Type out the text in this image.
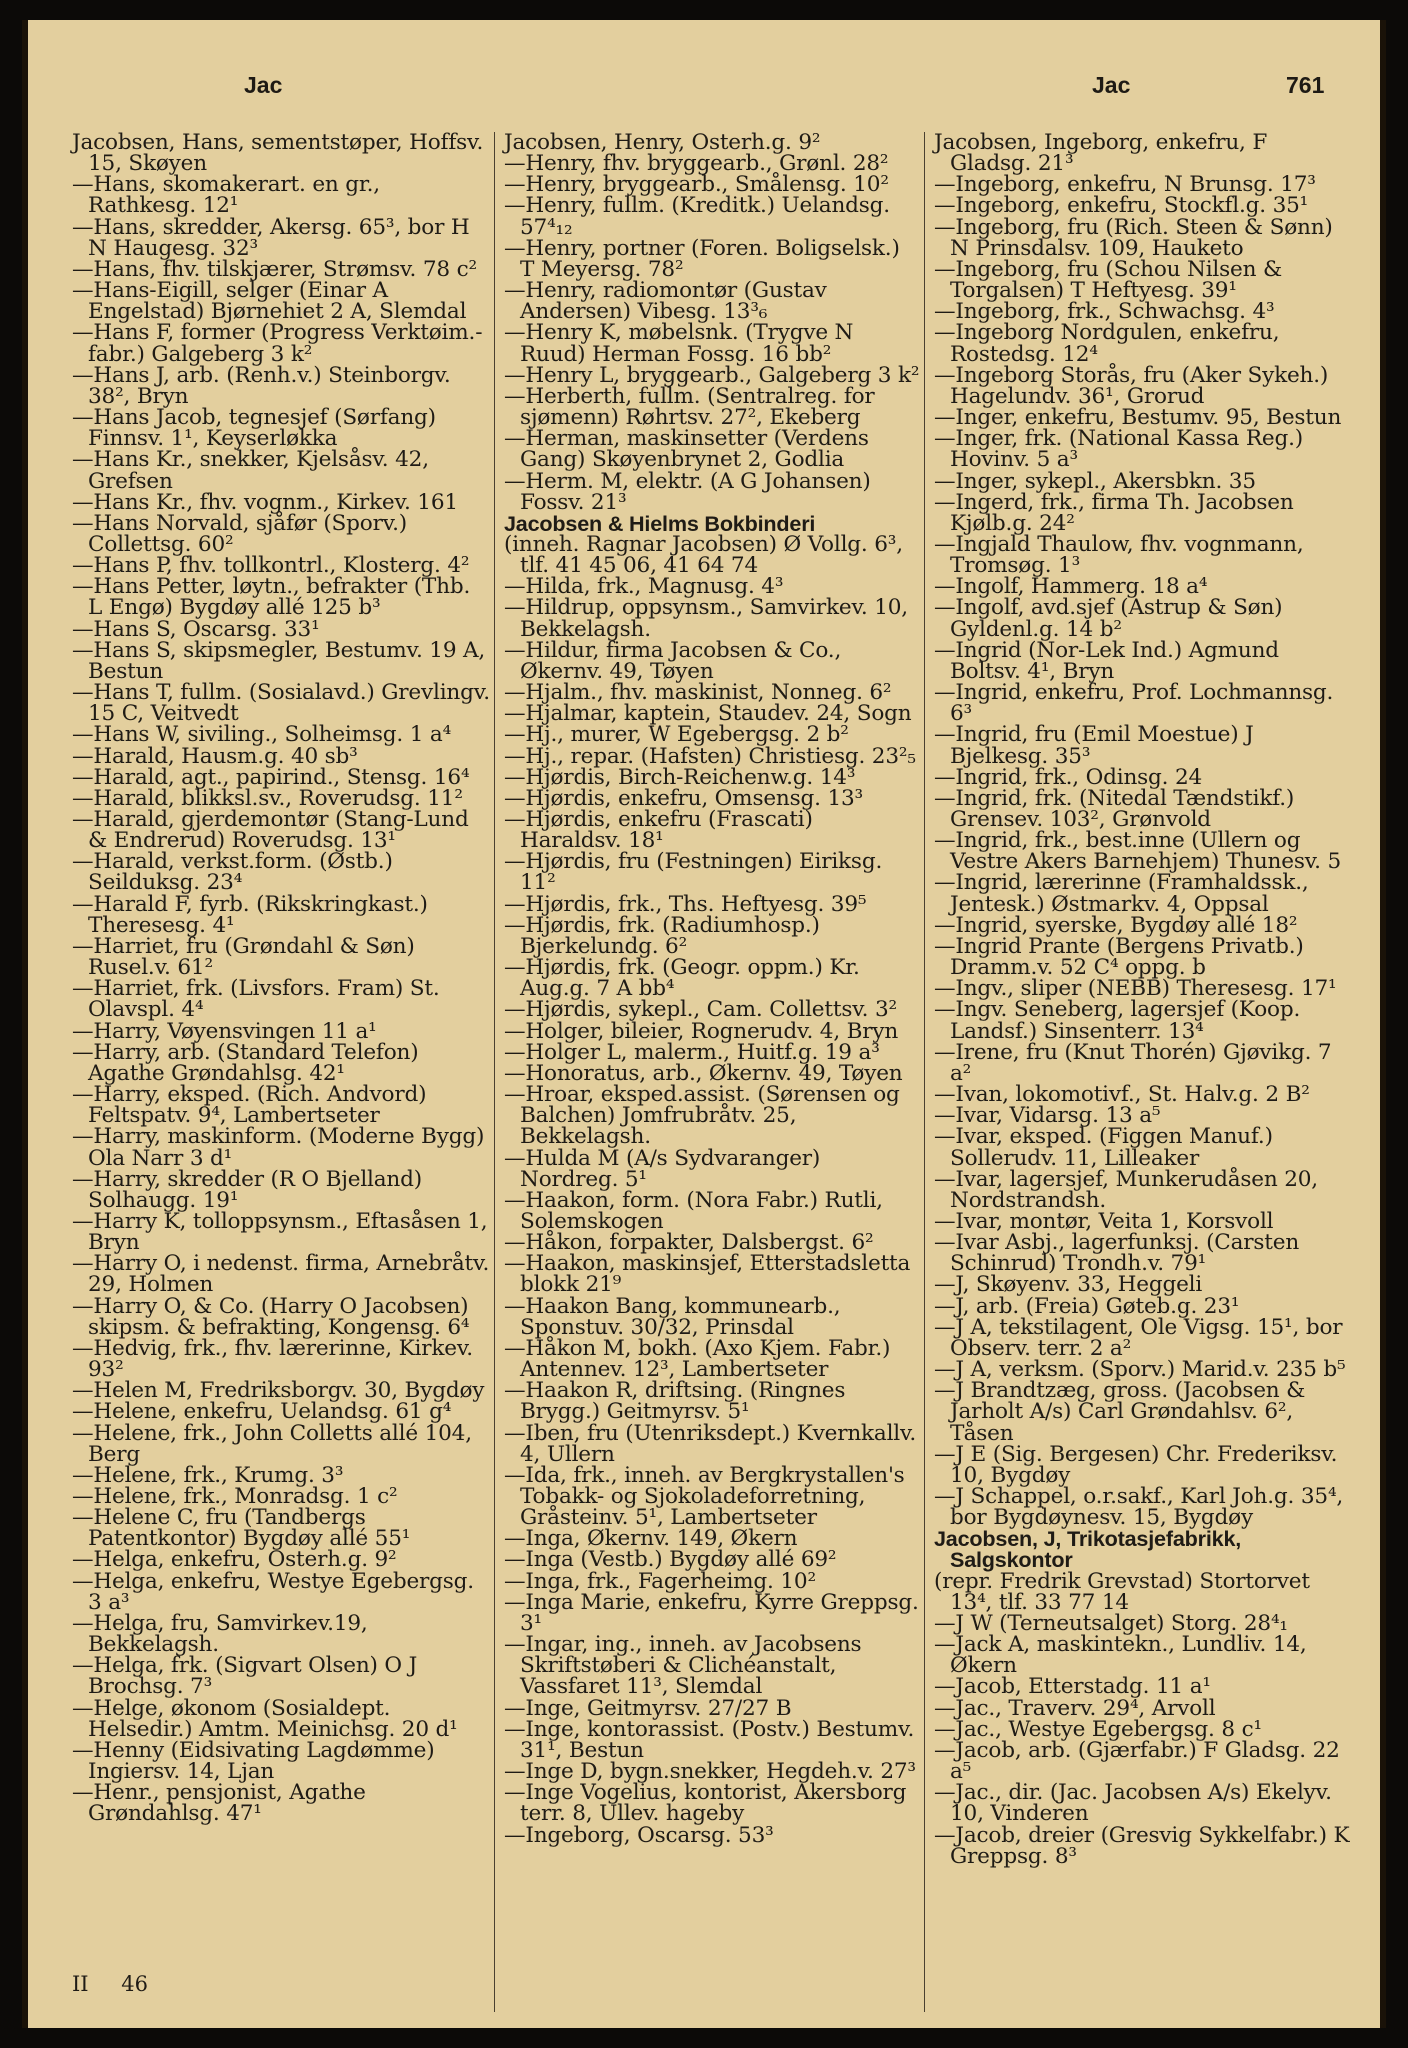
Jac	Jac	761

Jacobsen, Hans, sementstøper, Hoffsv. 15, Skøyen

—Hans, skomakerart. en gr., Rathkesg. 12¹

—Hans, skredder, Akersg. 65³, bor H N Haugesg. 32³

—Hans, fhv. tilskjærer, Strømsv. 78 c²

—Hans-Eigill, selger (Einar A Engelstad) Bjørnehiet 2 A, Slemdal

—Hans F, former (Progress Verktøim.-fabr.) Galgeberg 3 k²

—Hans J, arb. (Renh.v.) Steinborgv. 38², Bryn

—Hans Jacob, tegnesjef (Sørfang) Finnsv. 1¹, Keyserløkka

—Hans Kr., snekker, Kjelsåsv. 42, Grefsen

—Hans Kr., fhv. vognm., Kirkev. 161

—Hans Norvald, sjåfør (Sporv.) Collettsg. 60²

—Hans P, fhv. tollkontrl., Klosterg. 4²

—Hans Petter, løytn., befrakter (Thb. L Engø) Bygdøy allé 125 b³

—Hans S, Oscarsg. 33¹

—Hans S, skipsmegler, Bestumv. 19 A, Bestun

—Hans T, fullm. (Sosialavd.) Grevlingv. 15 C, Veitvedt

—Hans W, siviling., Solheimsg. 1 a⁴

—Harald, Hausm.g. 40 sb³

—Harald, agt., papirind., Stensg. 16⁴

—Harald, blikksl.sv., Roverudsg. 11²

—Harald, gjerdemontør (Stang-Lund & Endrerud) Roverudsg. 13¹

—Harald, verkst.form. (Østb.) Seilduksg. 23⁴

—Harald F, fyrb. (Rikskringkast.) Theresesg. 4¹

—Harriet, fru (Grøndahl & Søn) Rusel.v. 61²

—Harriet, frk. (Livsfors. Fram) St. Olavspl. 4⁴

—Harry, Vøyensvingen 11 a¹

—Harry, arb. (Standard Telefon) Agathe Grøndahlsg. 42¹

—Harry, eksped. (Rich. Andvord) Feltspatv. 9⁴, Lambertseter

—Harry, maskinform. (Moderne Bygg) Ola Narr 3 d¹

—Harry, skredder (R O Bjelland) Solhaugg. 19¹

—Harry K, tolloppsynsm., Eftasåsen 1, Bryn

—Harry O, i nedenst. firma, Arnebråtv. 29, Holmen

—Harry O, & Co. (Harry O Jacobsen) skipsm. & befrakting, Kongensg. 6⁴

—Hedvig, frk., fhv. lærerinne, Kirkev. 93²

—Helen M, Fredriksborgv. 30, Bygdøy

—Helene, enkefru, Uelandsg. 61 g⁴

—Helene, frk., John Colletts allé 104, Berg

—Helene, frk., Krumg. 3³

—Helene, frk., Monradsg. 1 c²

—Helene C, fru (Tandbergs Patentkontor) Bygdøy allé 55¹

—Helga, enkefru, Osterh.g. 9²

—Helga, enkefru, Westye Egebergsg. 3 a³

—Helga, fru, Samvirkev.19, Bekkelagsh.

—Helga, frk. (Sigvart Olsen) O J Brochsg. 7³

—Helge, økonom (Sosialdept. Helsedir.) Amtm. Meinichsg. 20 d¹

—Henny (Eidsivating Lagdømme) Ingiersv. 14, Ljan

—Henr., pensjonist, Agathe Grøndahlsg. 47¹

Jacobsen, Henry, Osterh.g. 9²

—Henry, fhv. bryggearb., Grønl. 28²

—Henry, bryggearb., Smålensg. 10²

—Henry, fullm. (Kreditk.) Uelandsg. 57⁴₁₂

—Henry, portner (Foren. Boligselsk.) T Meyersg. 78²

—Henry, radiomontør (Gustav Andersen) Vibesg. 13³₆

—Henry K, møbelsnk. (Trygve N Ruud) Herman Fossg. 16 bb²

—Henry L, bryggearb., Galgeberg 3 k²

—Herberth, fullm. (Sentralreg. for sjømenn) Røhrtsv. 27², Ekeberg

—Herman, maskinsetter (Verdens Gang) Skøyenbrynet 2, Godlia

—Herm. M, elektr. (A G Johansen) Fossv. 21³

Jacobsen & Hielms Bokbinderi

(inneh. Ragnar Jacobsen) Ø Vollg. 6³, tlf. 41 45 06, 41 64 74

—Hilda, frk., Magnusg. 4³

—Hildrup, oppsynsm., Samvirkev. 10, Bekkelagsh.

—Hildur, firma Jacobsen & Co., Økernv. 49, Tøyen

—Hjalm., fhv. maskinist, Nonneg. 6²

—Hjalmar, kaptein, Staudev. 24, Sogn

—Hj., murer, W Egebergsg. 2 b²

—Hj., repar. (Hafsten) Christiesg. 23²₅

—Hjørdis, Birch-Reichenw.g. 14³

—Hjørdis, enkefru, Omsensg. 13³

—Hjørdis, enkefru (Frascati) Haraldsv. 18¹

—Hjørdis, fru (Festningen) Eiriksg. 11²

—Hjørdis, frk., Ths. Heftyesg. 39⁵

—Hjørdis, frk. (Radiumhosp.) Bjerkelundg. 6²

—Hjørdis, frk. (Geogr. oppm.) Kr. Aug.g. 7 A bb⁴

—Hjørdis, sykepl., Cam. Collettsv. 3²

—Holger, bileier, Rognerudv. 4, Bryn

—Holger L, malerm., Huitf.g. 19 a³

—Honoratus, arb., Økernv. 49, Tøyen

—Hroar, eksped.assist. (Sørensen og Balchen) Jomfrubråtv. 25, Bekkelagsh.

—Hulda M (A/s Sydvaranger) Nordreg. 5¹

—Haakon, form. (Nora Fabr.) Rutli, Solemskogen

—Håkon, forpakter, Dalsbergst. 6²

—Haakon, maskinsjef, Etterstadsletta blokk 21⁹

—Haakon Bang, kommunearb., Sponstuv. 30/32, Prinsdal

—Håkon M, bokh. (Axo Kjem. Fabr.) Antennev. 12³, Lambertseter

—Haakon R, driftsing. (Ringnes Brygg.) Geitmyrsv. 5¹

—Iben, fru (Utenriksdept.) Kvernkallv. 4, Ullern

—Ida, frk., inneh. av Bergkrystallen's Tobakk- og Sjokoladeforretning, Gråsteinv. 5¹, Lambertseter

—Inga, Økernv. 149, Økern

—Inga (Vestb.) Bygdøy allé 69²

—Inga, frk., Fagerheimg. 10²

—Inga Marie, enkefru, Kyrre Greppsg. 3¹

—Ingar, ing., inneh. av Jacobsens Skriftstøberi & Clichéanstalt, Vassfaret 11³, Slemdal

—Inge, Geitmyrsv. 27/27 B

—Inge, kontorassist. (Postv.) Bestumv. 31¹, Bestun

—Inge D, bygn.snekker, Hegdeh.v. 27³

—Inge Vogelius, kontorist, Akersborg terr. 8, Ullev. hageby

—Ingeborg, Oscarsg. 53³

Jacobsen, Ingeborg, enkefru, F Gladsg. 21³

—Ingeborg, enkefru, N Brunsg. 17³

—Ingeborg, enkefru, Stockfl.g. 35¹

—Ingeborg, fru (Rich. Steen & Sønn) N Prinsdalsv. 109, Hauketo

—Ingeborg, fru (Schou Nilsen & Torgalsen) T Heftyesg. 39¹

—Ingeborg, frk., Schwachsg. 4³

—Ingeborg Nordgulen, enkefru, Rostedsg. 12⁴

—Ingeborg Storås, fru (Aker Sykeh.) Hagelundv. 36¹, Grorud

—Inger, enkefru, Bestumv. 95, Bestun

—Inger, frk. (National Kassa Reg.) Hovinv. 5 a³

—Inger, sykepl., Akersbkn. 35

—Ingerd, frk., firma Th. Jacobsen Kjølb.g. 24²

—Ingjald Thaulow, fhv. vognmann, Tromsøg. 1³

—Ingolf, Hammerg. 18 a⁴

—Ingolf, avd.sjef (Astrup & Søn) Gyldenl.g. 14 b²

—Ingrid (Nor-Lek Ind.) Agmund Boltsv. 4¹, Bryn

—Ingrid, enkefru, Prof. Lochmannsg. 6³

—Ingrid, fru (Emil Moestue) J Bjelkesg. 35³

—Ingrid, frk., Odinsg. 24

—Ingrid, frk. (Nitedal Tændstikf.) Grensev. 103², Grønvold

—Ingrid, frk., best.inne (Ullern og Vestre Akers Barnehjem) Thunesv. 5

—Ingrid, lærerinne (Framhaldssk., Jentesk.) Østmarkv. 4, Oppsal

—Ingrid, syerske, Bygdøy allé 18²

—Ingrid Prante (Bergens Privatb.) Dramm.v. 52 C⁴ oppg. b

—Ingv., sliper (NEBB) Theresesg. 17¹

—Ingv. Seneberg, lagersjef (Koop. Landsf.) Sinsenterr. 13⁴

—Irene, fru (Knut Thorén) Gjøvikg. 7 a²

—Ivan, lokomotivf., St. Halv.g. 2 B²

—Ivar, Vidarsg. 13 a⁵

—Ivar, eksped. (Figgen Manuf.) Sollerudv. 11, Lilleaker

—Ivar, lagersjef, Munkerudåsen 20, Nordstrandsh.

—Ivar, montør, Veita 1, Korsvoll

—Ivar Asbj., lagerfunksj. (Carsten Schinrud) Trondh.v. 79¹

—J, Skøyenv. 33, Heggeli

—J, arb. (Freia) Gøteb.g. 23¹

—J A, tekstilagent, Ole Vigsg. 15¹, bor Observ. terr. 2 a²

—J A, verksm. (Sporv.) Marid.v. 235 b⁵

—J Brandtzæg, gross. (Jacobsen & Jarholt A/s) Carl Grøndahlsv. 6², Tåsen

—J E (Sig. Bergesen) Chr. Frederiksv. 10, Bygdøy

—J Schappel, o.r.sakf., Karl Joh.g. 35⁴, bor Bygdøynesv. 15, Bygdøy

Jacobsen, J, Trikotasjefabrikk, Salgskontor

(repr. Fredrik Grevstad) Stortorvet 13⁴, tlf. 33 77 14

—J W (Terneutsalget) Storg. 28⁴₁

—Jack A, maskintekn., Lundliv. 14, Økern

—Jacob, Etterstadg. 11 a¹

—Jac., Traverv. 29⁴, Arvoll

—Jac., Westye Egebergsg. 8 c¹

—Jacob, arb. (Gjærfabr.) F Gladsg. 22 a⁵

—Jac., dir. (Jac. Jacobsen A/s) Ekelyv. 10, Vinderen

—Jacob, dreier (Gresvig Sykkelfabr.) K Greppsg. 8³

II 46
